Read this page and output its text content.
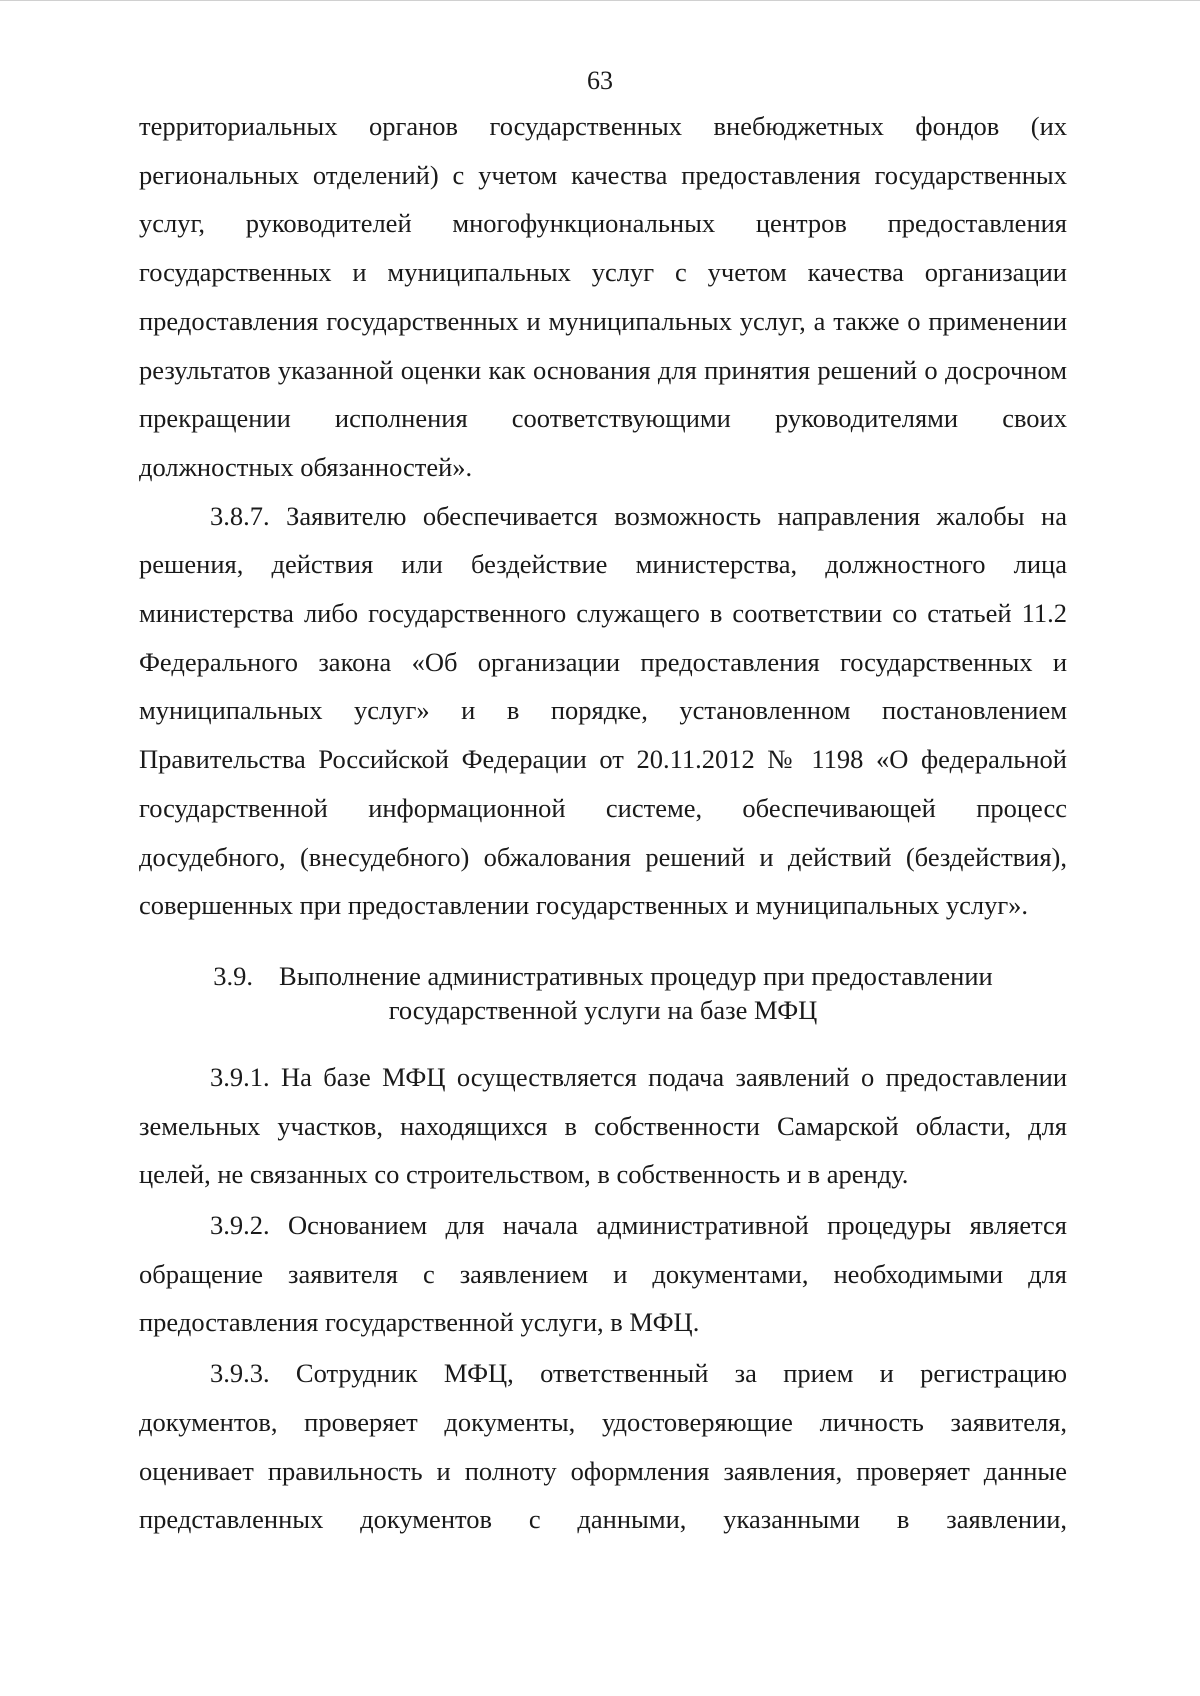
63

территориальных органов государственных внебюджетных фондов (их региональных отделений) с учетом качества предоставления государственных услуг, руководителей многофункциональных центров предоставления государственных и муниципальных услуг с учетом качества организации предоставления государственных и муниципальных услуг, а также о применении результатов указанной оценки как основания для принятия решений о досрочном прекращении исполнения соответствующими руководителями своих должностных обязанностей».

3.8.7. Заявителю обеспечивается возможность направления жалобы на решения, действия или бездействие министерства, должностного лица министерства либо государственного служащего в соответствии со статьей 11.2 Федерального закона «Об организации предоставления государственных и муниципальных услуг» и в порядке, установленном постановлением Правительства Российской Федерации от 20.11.2012 № 1198 «О федеральной государственной информационной системе, обеспечивающей процесс досудебного, (внесудебного) обжалования решений и действий (бездействия), совершенных при предоставлении государственных и муниципальных услуг».

3.9. Выполнение административных процедур при предоставлении
государственной услуги на базе МФЦ

3.9.1. На базе МФЦ осуществляется подача заявлений о предоставлении земельных участков, находящихся в собственности Самарской области, для целей, не связанных со строительством, в собственность и в аренду.

3.9.2. Основанием для начала административной процедуры является обращение заявителя с заявлением и документами, необходимыми для предоставления государственной услуги, в МФЦ.

3.9.3. Сотрудник МФЦ, ответственный за прием и регистрацию документов, проверяет документы, удостоверяющие личность заявителя, оценивает правильность и полноту оформления заявления, проверяет данные представленных документов с данными, указанными в заявлении,
